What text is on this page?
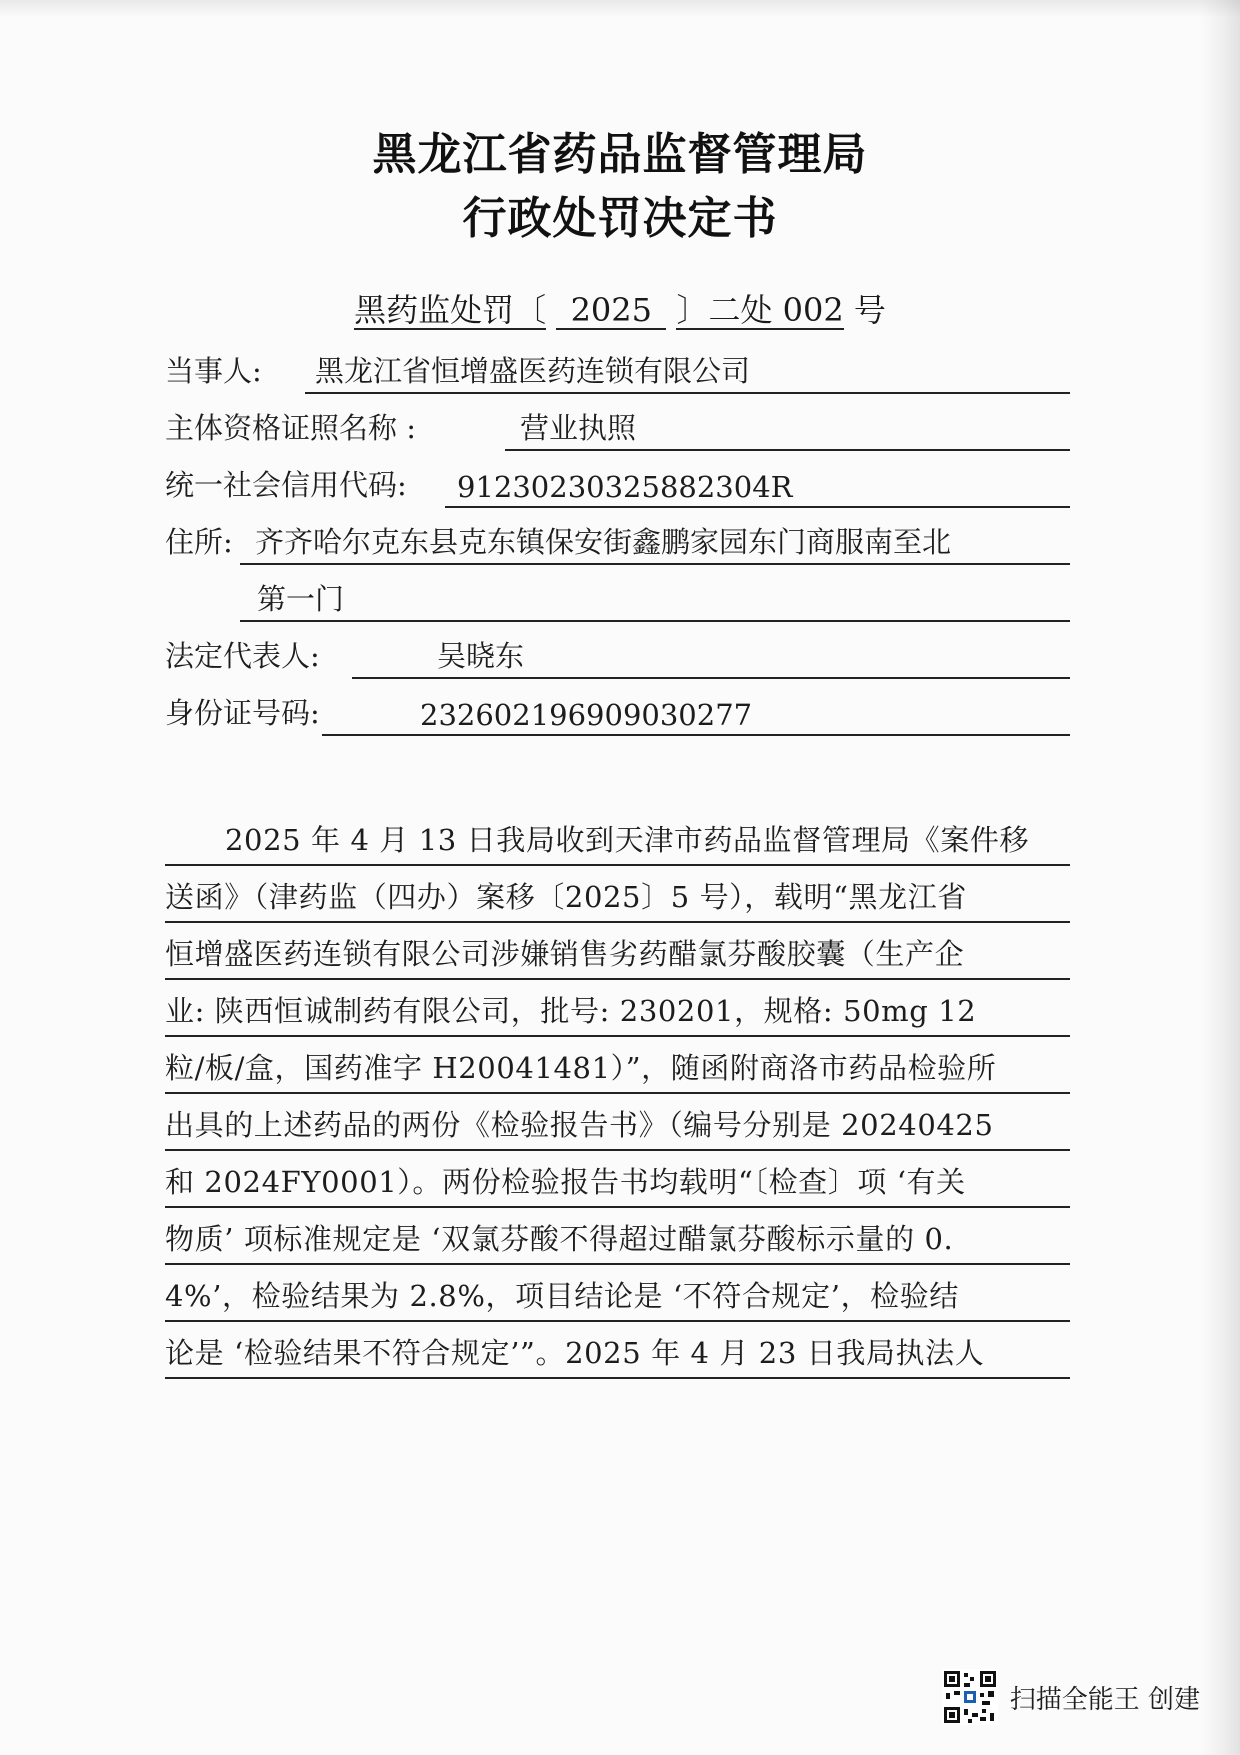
黑龙江省药品监督管理局
行政处罚决定书
黑药监处罚〔 2025 〕二处 002 号
当事人: 黑龙江省恒增盛医药连锁有限公司
主体资格证照名称 :	营业执照
统一社会信用代码: 91230230325882304R
住所: 齐齐哈尔克东县克东镇保安街鑫鹏家园东门商服南至北
第一门
法定代表人:	吴晓东
身份证号码:	232602196909030277
2025 年 4 月 13 日我局收到天津市药品监督管理局《案件移
送函》（津药监（四办）案移〔2025〕5 号），载明“黑龙江省
恒增盛医药连锁有限公司涉嫌销售劣药醋氯芬酸胶囊（生产企
业: 陕西恒诚制药有限公司，批号: 230201，规格: 50mg 12
粒/板/盒，国药准字 H20041481）”，随函附商洛市药品检验所
出具的上述药品的两份《检验报告书》（编号分别是 20240425
和 2024FY0001）。两份检验报告书均载明“〔检查〕项 ‘有关
物质’ 项标准规定是 ‘双氯芬酸不得超过醋氯芬酸标示量的 0.
4%’，检验结果为 2.8%，项目结论是 ‘不符合规定’，检验结
论是 ‘检验结果不符合规定’”。2025 年 4 月 23 日我局执法人
扫描全能王 创建
